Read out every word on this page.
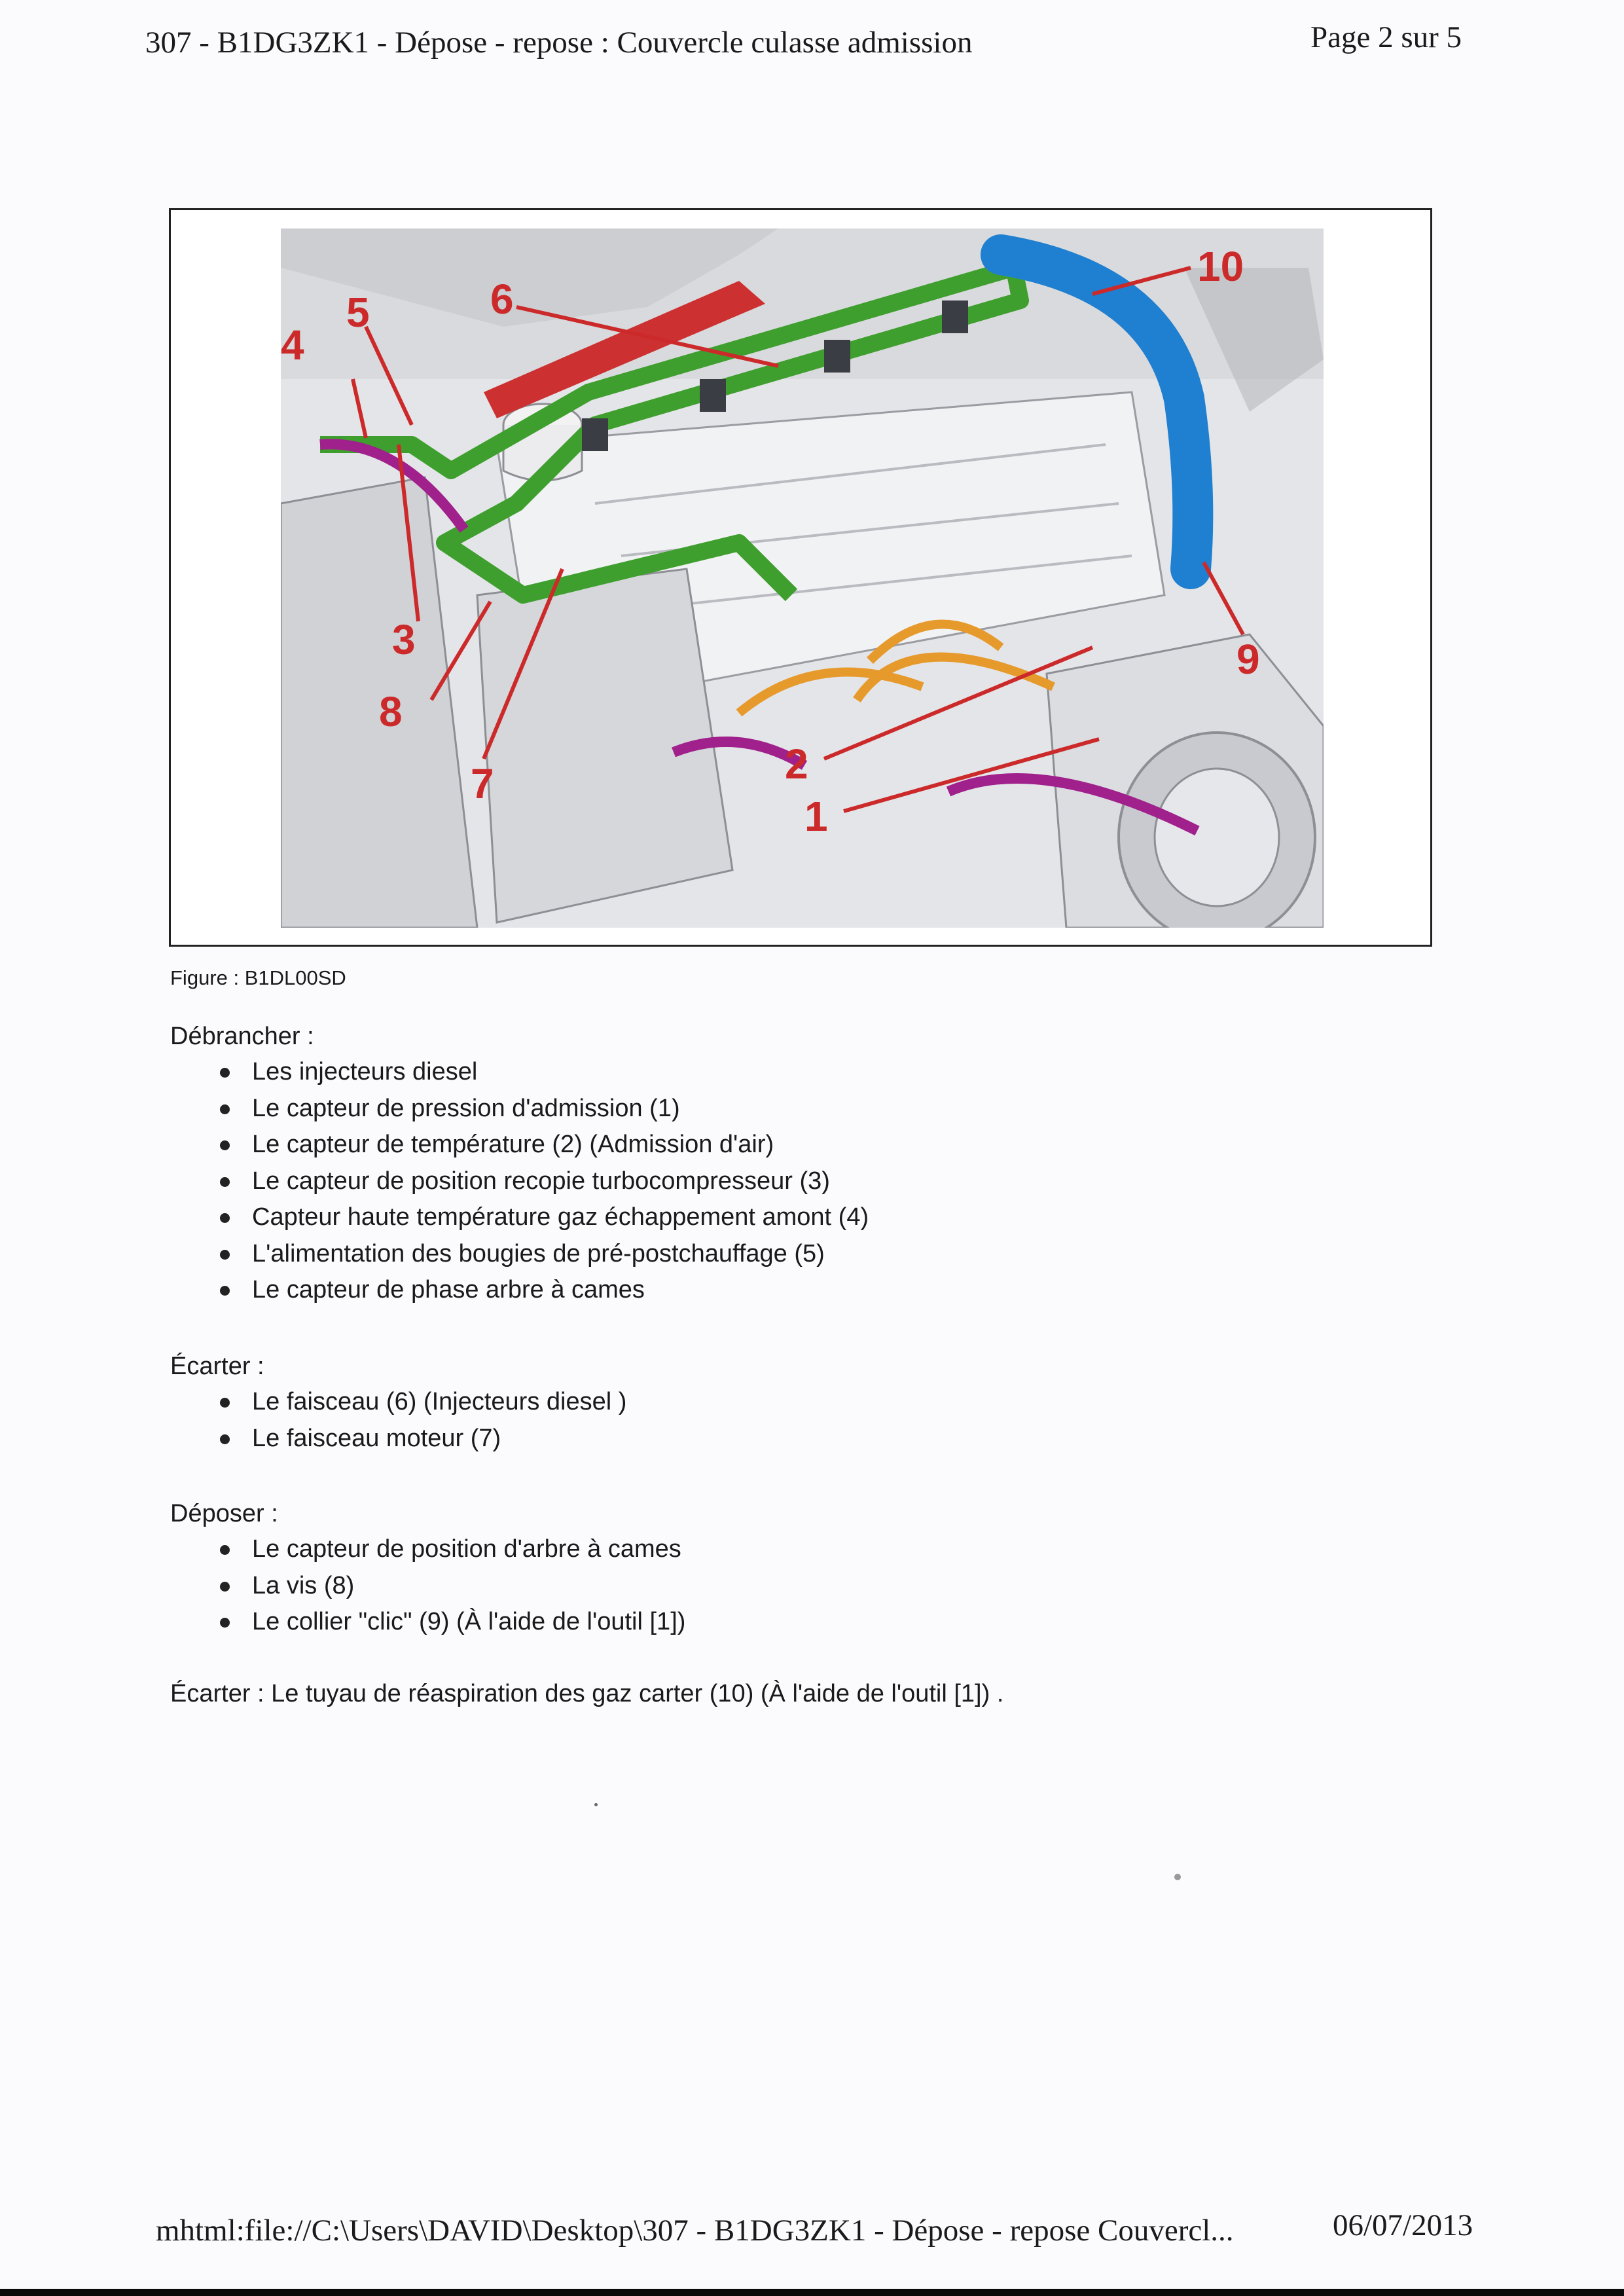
307 - B1DG3ZK1 - Dépose - repose : Couvercle culasse admission	Page 2 sur 5
1
2
3
4
5	6
7
8
9
10
Figure : B1DL00SD
Débrancher :
Les injecteurs diesel
Le capteur de pression d'admission (1)
Le capteur de température (2) (Admission d'air)
Le capteur de position recopie turbocompresseur (3)
Capteur haute température gaz échappement amont (4)
L'alimentation des bougies de pré-postchauffage (5)
Le capteur de phase arbre à cames
Écarter :
Le faisceau (6) (Injecteurs diesel )
Le faisceau moteur (7)
Déposer :
Le capteur de position d'arbre à cames
La vis (8)
Le collier "clic" (9) (À l'aide de l'outil [1])
Écarter : Le tuyau de réaspiration des gaz carter (10) (À l'aide de l'outil [1]) .
mhtml:file://C:\Users\DAVID\Desktop\307 - B1DG3ZK1 - Dépose - repose Couvercl...	06/07/2013
